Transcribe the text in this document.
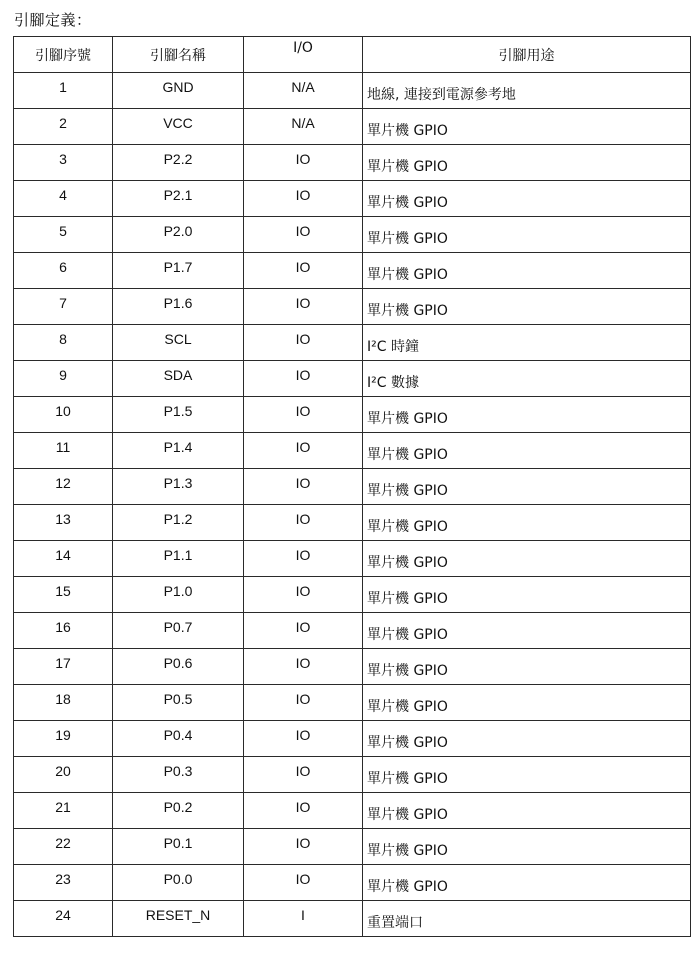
引腳定義：
引腳序號	引腳名稱	I/O	引腳用途
1	GND	N/A	地線, 連接到電源參考地
2	VCC	N/A	單片機 GPIO
3	P2.2	IO	單片機 GPIO
4	P2.1	IO	單片機 GPIO
5	P2.0	IO	單片機 GPIO
6	P1.7	IO	單片機 GPIO
7	P1.6	IO	單片機 GPIO
8	SCL	IO	I²C 時鐘
9	SDA	IO	I²C 數據
10	P1.5	IO	單片機 GPIO
11	P1.4	IO	單片機 GPIO
12	P1.3	IO	單片機 GPIO
13	P1.2	IO	單片機 GPIO
14	P1.1	IO	單片機 GPIO
15	P1.0	IO	單片機 GPIO
16	P0.7	IO	單片機 GPIO
17	P0.6	IO	單片機 GPIO
18	P0.5	IO	單片機 GPIO
19	P0.4	IO	單片機 GPIO
20	P0.3	IO	單片機 GPIO
21	P0.2	IO	單片機 GPIO
22	P0.1	IO	單片機 GPIO
23	P0.0	IO	單片機 GPIO
24	RESET_N	I	重置端口
